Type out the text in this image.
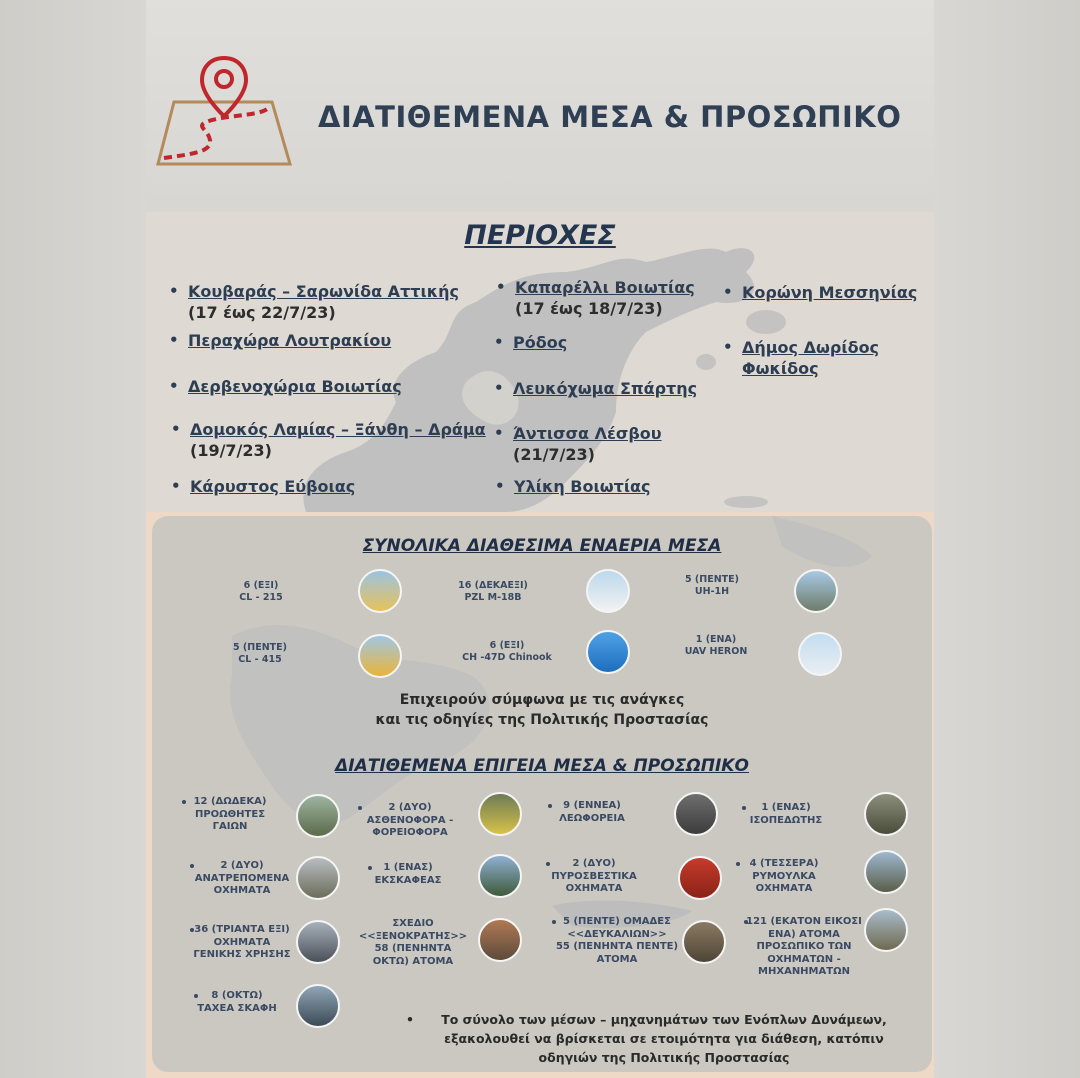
ΔΙΑΤΙΘΕΜΕΝΑ ΜΕΣΑ & ΠΡΟΣΩΠΙΚΟ
ΠΕΡΙΟΧΕΣ
• Κουβαράς – Σαρωνίδα Αττικής
(17 έως 22/7/23)
• Περαχώρα Λουτρακίου
• Δερβενοχώρια Βοιωτίας
• Δομοκός Λαμίας – Ξάνθη – Δράμα
(19/7/23)
• Κάρυστος Εύβοιας
• Καπαρέλλι Βοιωτίας
(17 έως 18/7/23)
• Ρόδος
• Λευκόχωμα Σπάρτης
• Άντισσα Λέσβου
(21/7/23)
• Υλίκη Βοιωτίας
• Κορώνη Μεσσηνίας
• Δήμος Δωρίδος
Φωκίδος
ΣΥΝΟΛΙΚΑ ΔΙΑΘΕΣΙΜΑ ΕΝΑΕΡΙΑ ΜΕΣΑ
6 (ΕΞΙ)
CL - 215
16 (ΔΕΚΑΕΞΙ)
PZL M-18B
5 (ΠΕΝΤΕ)
UH-1H
5 (ΠΕΝΤΕ)
CL - 415
6 (ΕΞΙ)
CH -47D Chinook
1 (ΕΝΑ)
UAV HERON
Επιχειρούν σύμφωνα με τις ανάγκες
και τις οδηγίες της Πολιτικής Προστασίας
ΔΙΑΤΙΘΕΜΕΝΑ ΕΠΙΓΕΙΑ ΜΕΣΑ & ΠΡΟΣΩΠΙΚΟ
12 (ΔΩΔΕΚΑ)
ΠΡΟΩΘΗΤΕΣ
ΓΑΙΩΝ
2 (ΔΥΟ)
ΑΣΘΕΝΟΦΟΡΑ -
ΦΟΡΕΙΟΦΟΡΑ
9 (ΕΝΝΕΑ)
ΛΕΩΦΟΡΕΙΑ
1 (ΕΝΑΣ)
ΙΣΟΠΕΔΩΤΗΣ
2 (ΔΥΟ)
ΑΝΑΤΡΕΠΟΜΕΝΑ
ΟΧΗΜΑΤΑ
1 (ΕΝΑΣ)
ΕΚΣΚΑΦΕΑΣ
2 (ΔΥΟ)
ΠΥΡΟΣΒΕΣΤΙΚΑ
ΟΧΗΜΑΤΑ
4 (ΤΕΣΣΕΡΑ)
ΡΥΜΟΥΛΚΑ
ΟΧΗΜΑΤΑ
36 (ΤΡΙΑΝΤΑ ΕΞΙ)
ΟΧΗΜΑΤΑ
ΓΕΝΙΚΗΣ ΧΡΗΣΗΣ
ΣΧΕΔΙΟ
<<ΞΕΝΟΚΡΑΤΗΣ>>
58 (ΠΕΝΗΝΤΑ
ΟΚΤΩ) ΑΤΟΜΑ
5 (ΠΕΝΤΕ) ΟΜΑΔΕΣ
<<ΔΕΥΚΑΛΙΩΝ>>
55 (ΠΕΝΗΝΤΑ ΠΕΝΤΕ)
ΑΤΟΜΑ
121 (ΕΚΑΤΟΝ ΕΙΚΟΣΙ
ΕΝΑ) ΑΤΟΜΑ
ΠΡΟΣΩΠΙΚΟ ΤΩΝ
ΟΧΗΜΑΤΩΝ -
ΜΗΧΑΝΗΜΑΤΩΝ
8 (ΟΚΤΩ)
ΤΑΧΕΑ ΣΚΑΦΗ
•	Το σύνολο των μέσων – μηχανημάτων των Ενόπλων Δυνάμεων,
εξακολουθεί να βρίσκεται σε ετοιμότητα για διάθεση, κατόπιν
οδηγιών της Πολιτικής Προστασίας
